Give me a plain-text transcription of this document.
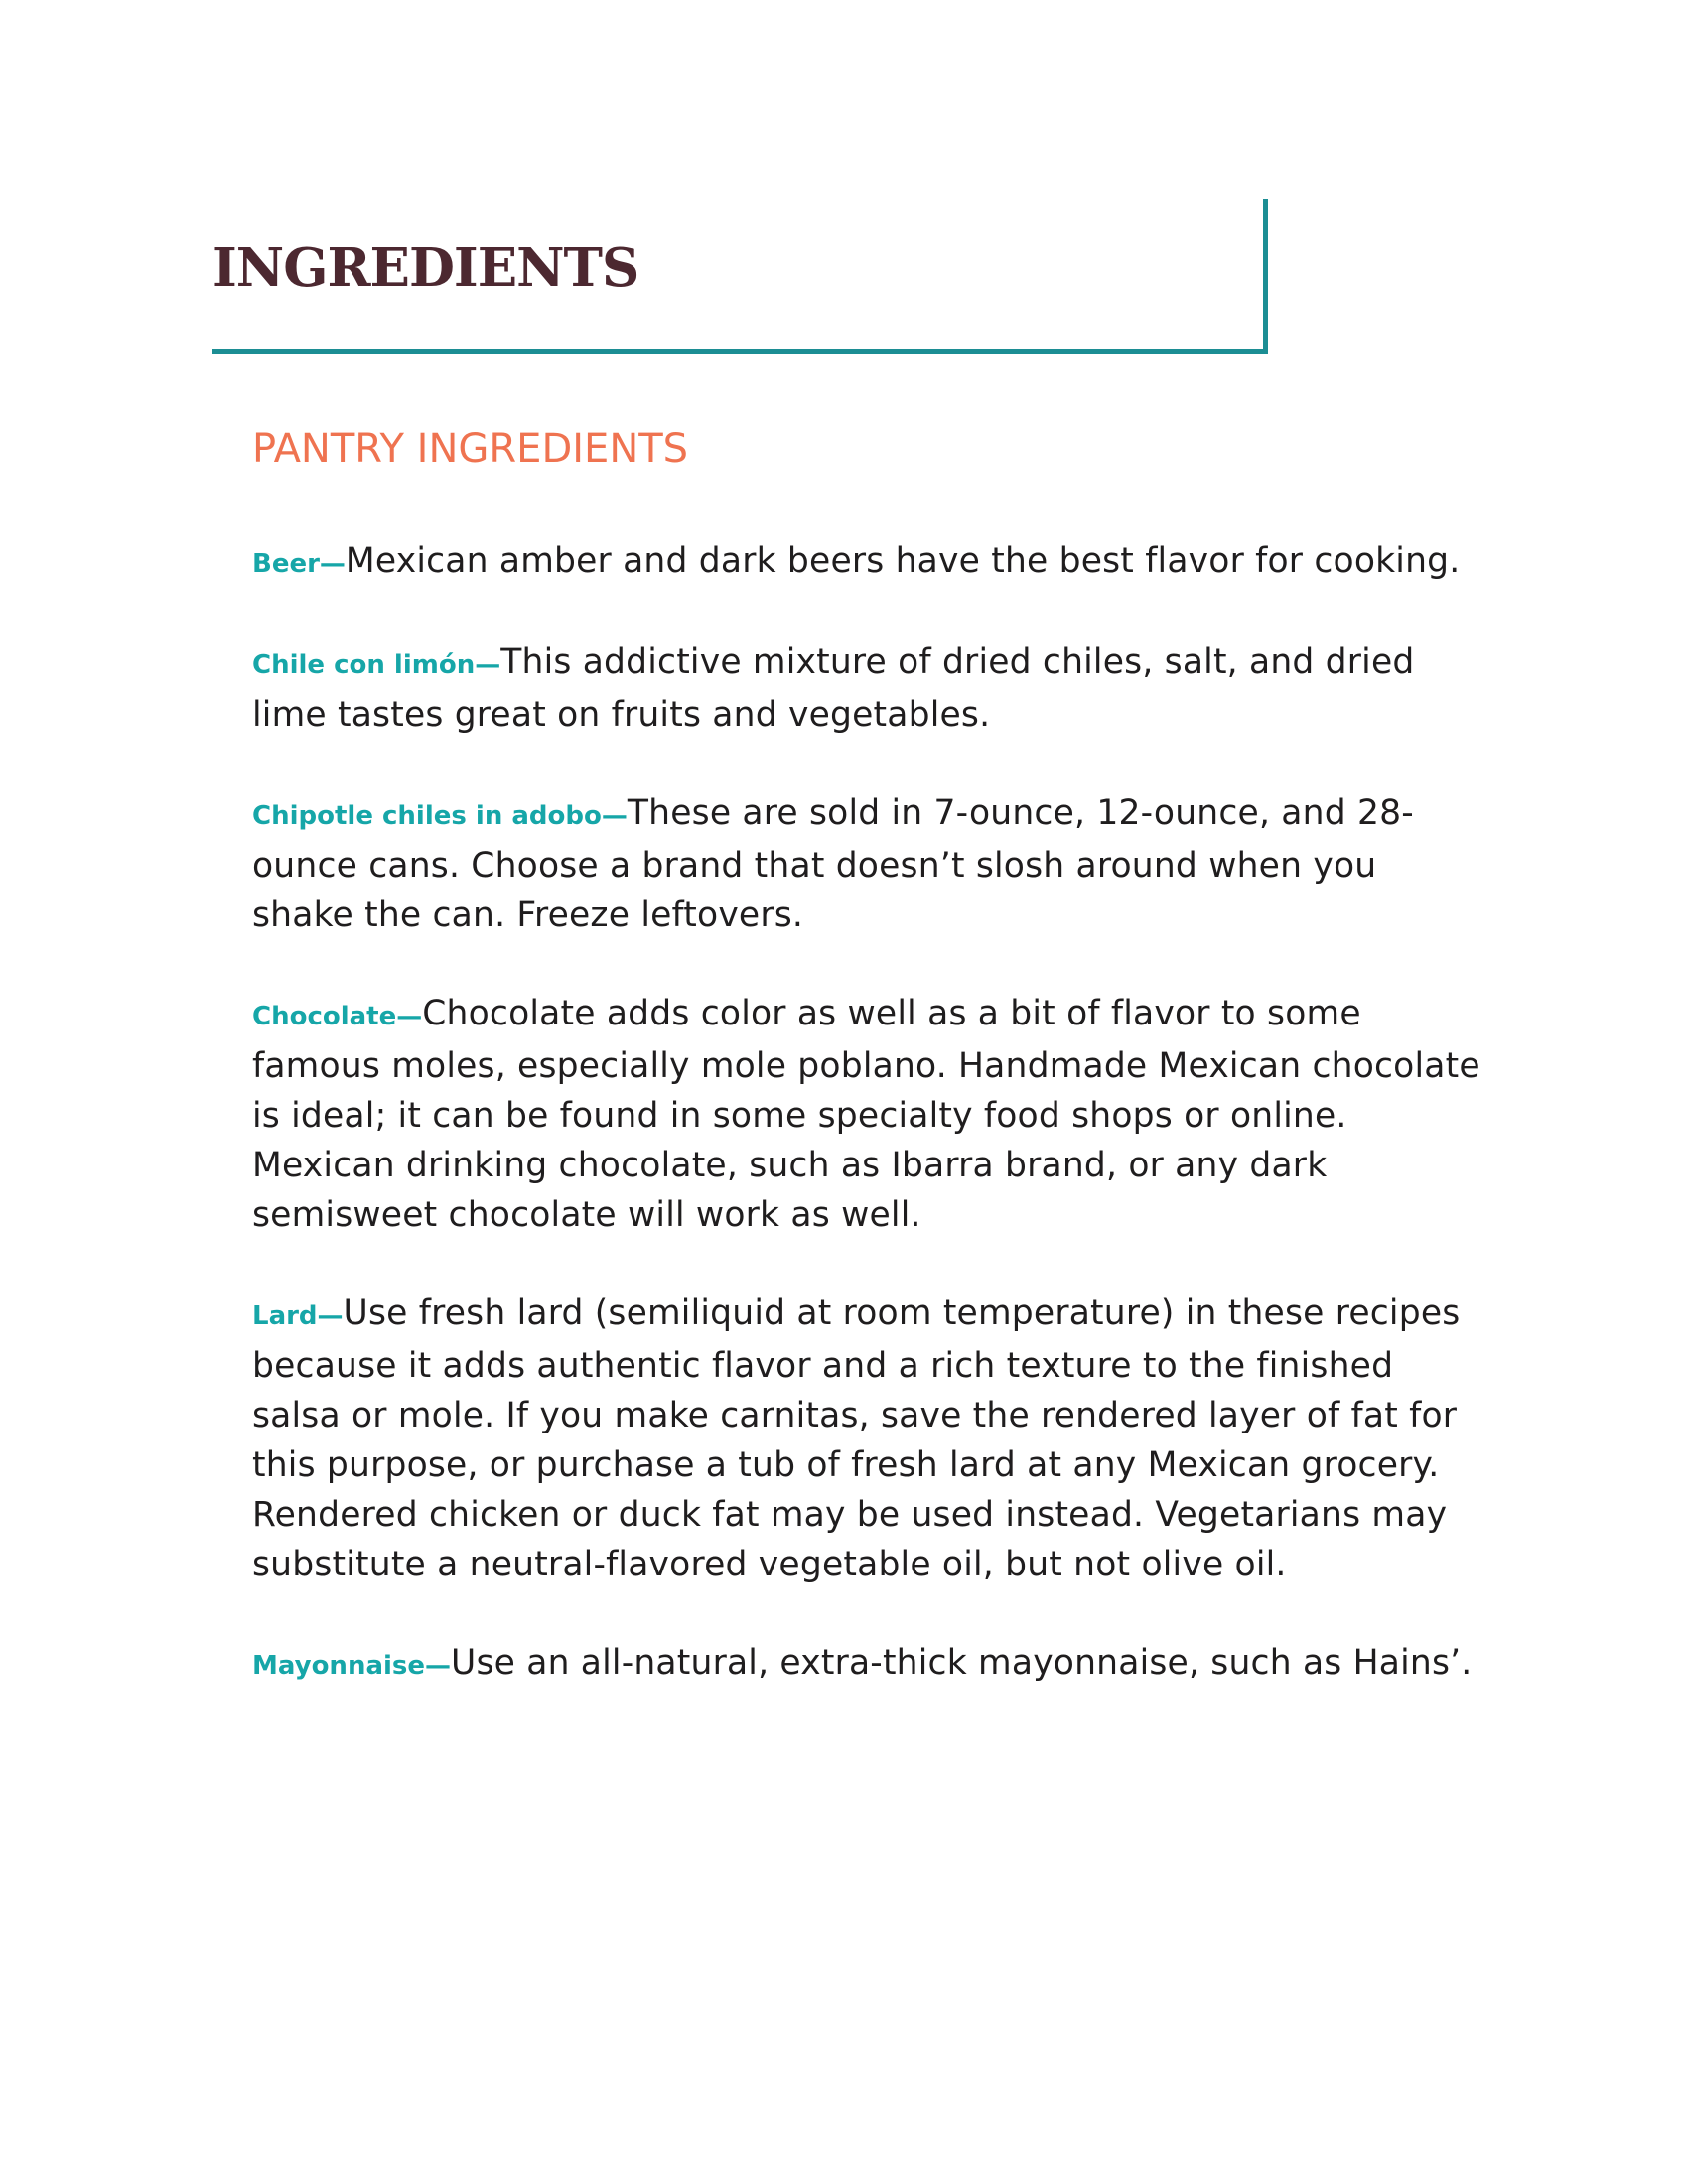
INGREDIENTS
PANTRY INGREDIENTS

Beer—Mexican amber and dark beers have the best flavor for cooking.

Chile con limón—This addictive mixture of dried chiles, salt, and dried lime tastes great on fruits and vegetables.

Chipotle chiles in adobo—These are sold in 7-ounce, 12-ounce, and 28-ounce cans. Choose a brand that doesn’t slosh around when you shake the can. Freeze leftovers.

Chocolate—Chocolate adds color as well as a bit of flavor to some famous moles, especially mole poblano. Handmade Mexican chocolate is ideal; it can be found in some specialty food shops or online. Mexican drinking chocolate, such as Ibarra brand, or any dark semisweet chocolate will work as well.

Lard—Use fresh lard (semiliquid at room temperature) in these recipes because it adds authentic flavor and a rich texture to the finished salsa or mole. If you make carnitas, save the rendered layer of fat for this purpose, or purchase a tub of fresh lard at any Mexican grocery. Rendered chicken or duck fat may be used instead. Vegetarians may substitute a neutral-flavored vegetable oil, but not olive oil.

Mayonnaise—Use an all-natural, extra-thick mayonnaise, such as Hains’.
